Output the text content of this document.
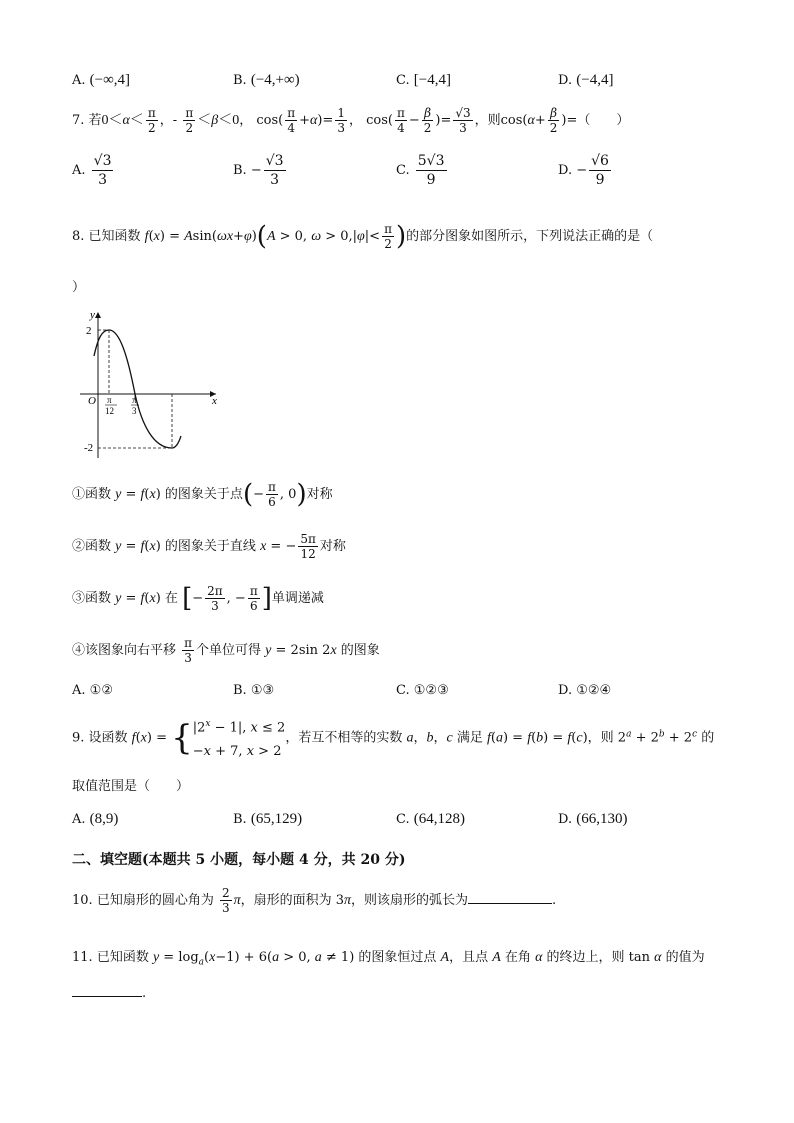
A. (−∞,4]	B. (−4,+∞)	C. [−4,4]	D. (−4,4]
7. 若$0<\alpha< \frac{\pi}{2}$ ，- $\frac{\pi}{2} <\beta<0$， $\cos( \frac{\pi}{4} +\alpha)= \frac{1}{3}$ ， $\cos( \frac{\pi}{4} - \frac{\beta}{2}$ )= $\frac{√3}{3}$ ，则$\cos(\alpha+ \frac{\beta}{2}$ )=（　　）
A. $\frac{√3}{3}$	B. − $\frac{√3}{3}$	C. $\frac{5√3}{9}$	D. − $\frac{√6}{9}$
8. 已知函数 f(x) = Asin(ωx+φ)(A > 0, $\omega > 0,|\varphi|< \frac{\pi}{2}$ )的部分图象如图所示，下列说法正确的是（
）
y
x
O
2
-2
π
12
π
3
①函数 y = f(x) 的图象关于点(− $\frac{\pi}{6}$ , 0)对称
②函数 y = f(x) 的图象关于直线 x = − $\frac{5\pi}{12}$ 对称
③函数 y = f(x) 在 [− $\frac{2\pi}{3}$ , − $\frac{\pi}{6}$ ]单调递减
④该图象向右平移 $\frac{\pi}{3}$ 个单位可得 y = 2sin 2x 的图象
A. ①②	B. ①③	C. ①②③	D. ①②④
9. 设函数 f(x) = { $|2^x - 1|$, x ≤ 2
−x + 7, x > 2
，若互不相等的实数 a，b，c 满足 f(a) = f(b) = f(c)，则 $2^a + 2^b + 2^c$ 的
取值范围是（　　）
A. (8,9)	B. (65,129)	C. (64,128)	D. (66,130)
二、填空题(本题共 5 小题，每小题 4 分，共 20 分)
10. 已知扇形的圆心角为 $\frac{2}{3}$ π，扇形的面积为 3π，则该扇形的弧长为	.
11. 已知函数 $y = \log_a(x-1) + 6(a > 0$, a ≠ 1) 的图象恒过点 A，且点 A 在角 α 的终边上，则 tan α 的值为
.
